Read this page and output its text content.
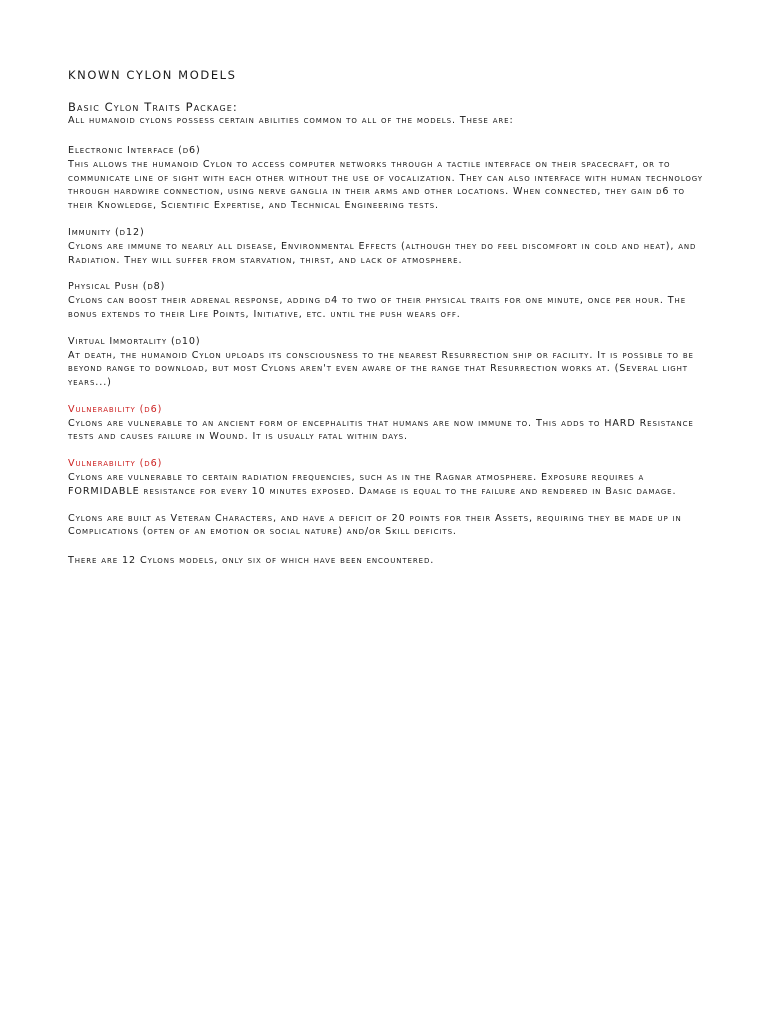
KNOWN CYLON MODELS
Basic Cylon Traits Package:

All humanoid cylons possess certain abilities common to all of the models. These are:

Electronic Interface (d6)

This allows the humanoid Cylon to access computer networks through a tactile interface on their spacecraft, or to communicate line of sight with each other without the use of vocalization. They can also interface with human technology through hardwire connection, using nerve ganglia in their arms and other locations. When connected, they gain d6 to their Knowledge, Scientific Expertise, and Technical Engineering tests.

Immunity (d12)

Cylons are immune to nearly all disease, Environmental Effects (although they do feel discomfort in cold and heat), and Radiation. They will suffer from starvation, thirst, and lack of atmosphere.

Physical Push (d8)

Cylons can boost their adrenal response, adding d4 to two of their physical traits for one minute, once per hour. The bonus extends to their Life Points, Initiative, etc. until the push wears off.

Virtual Immortality (d10)

At death, the humanoid Cylon uploads its consciousness to the nearest Resurrection ship or facility. It is possible to be beyond range to download, but most Cylons aren't even aware of the range that Resurrection works at. (Several light years...)

Vulnerability (d6)

Cylons are vulnerable to an ancient form of encephalitis that humans are now immune to. This adds to HARD Resistance tests and causes failure in Wound. It is usually fatal within days.

Vulnerability (d6)

Cylons are vulnerable to certain radiation frequencies, such as in the Ragnar atmosphere. Exposure requires a FORMIDABLE resistance for every 10 minutes exposed. Damage is equal to the failure and rendered in Basic damage.

Cylons are built as Veteran Characters, and have a deficit of 20 points for their Assets, requiring they be made up in Complications (often of an emotion or social nature) and/or Skill deficits.

There are 12 Cylons models, only six of which have been encountered.
